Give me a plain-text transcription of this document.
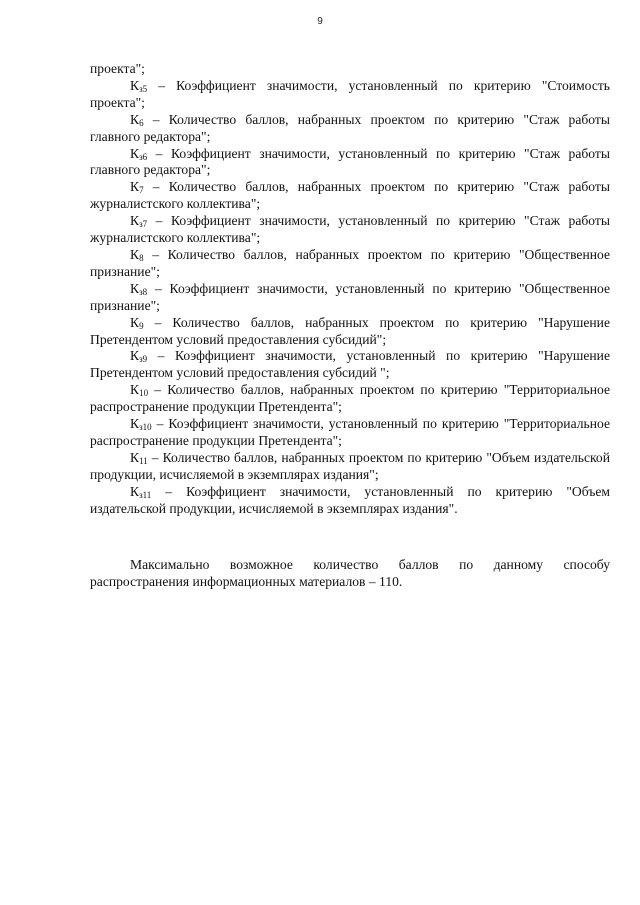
9

проекта";

$К_{з5}$ – Коэффициент значимости, установленный по критерию "Стоимость проекта";

$К_6$ – Количество баллов, набранных проектом по критерию "Стаж работы главного редактора";

$К_{з6}$ – Коэффициент значимости, установленный по критерию "Стаж работы главного редактора";

$К_7$ – Количество баллов, набранных проектом по критерию "Стаж работы журналистского коллектива";

$К_{з7}$ – Коэффициент значимости, установленный по критерию "Стаж работы журналистского коллектива";

$К_8$ – Количество баллов, набранных проектом по критерию "Общественное признание";

$К_{з8}$ – Коэффициент значимости, установленный по критерию "Общественное признание";

$К_9$ – Количество баллов, набранных проектом по критерию "Нарушение Претендентом условий предоставления субсидий";

$К_{з9}$ – Коэффициент значимости, установленный по критерию "Нарушение Претендентом условий предоставления субсидий ";

$К_{10}$ – Количество баллов, набранных проектом по критерию "Территориальное распространение продукции Претендента";

$К_{з10}$ – Коэффициент значимости, установленный по критерию "Территориальное распространение продукции Претендента";

$К_{11}$ – Количество баллов, набранных проектом по критерию "Объем издательской продукции, исчисляемой в экземплярах издания";

$К_{з11}$ – Коэффициент значимости, установленный по критерию "Объем издательской продукции, исчисляемой в экземплярах издания".

Максимально возможное количество баллов по данному способу распространения информационных материалов – 110.
